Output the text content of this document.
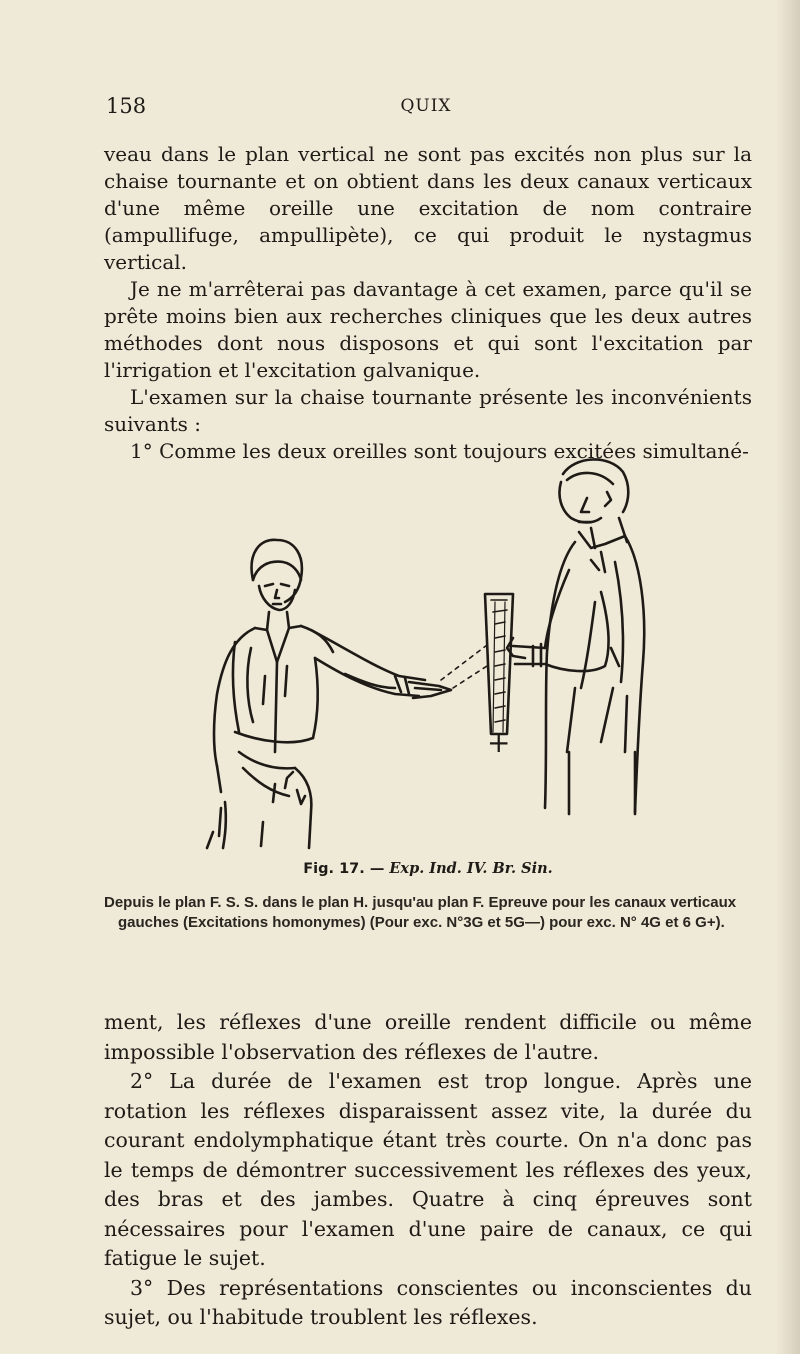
158	QUIX

veau dans le plan vertical ne sont pas excités non plus sur la chaise tournante et on obtient dans les deux canaux verticaux d'une même oreille une excitation de nom contraire (ampullifuge, ampullipète), ce qui produit le nystagmus vertical.

Je ne m'arrêterai pas davantage à cet examen, parce qu'il se prête moins bien aux recherches cliniques que les deux autres méthodes dont nous disposons et qui sont l'excitation par l'irrigation et l'excitation galvanique.

L'examen sur la chaise tournante présente les inconvénients suivants :

1° Comme les deux oreilles sont toujours excitées simultané-

+
Fig. 17. — Exp. Ind. IV. Br. Sin.

Depuis le plan F. S. S. dans le plan H. jusqu'au plan F. Epreuve pour les canaux verticaux gauches (Excitations homonymes) (Pour exc. N°3G et 5G—) pour exc. N° 4G et 6 G+).

ment, les réflexes d'une oreille rendent difficile ou même impossible l'observation des réflexes de l'autre.

2° La durée de l'examen est trop longue. Après une rotation les réflexes disparaissent assez vite, la durée du courant endolymphatique étant très courte. On n'a donc pas le temps de démontrer successivement les réflexes des yeux, des bras et des jambes. Quatre à cinq épreuves sont nécessaires pour l'examen d'une paire de canaux, ce qui fatigue le sujet.

3° Des représentations conscientes ou inconscientes du sujet, ou l'habitude troublent les réflexes.
